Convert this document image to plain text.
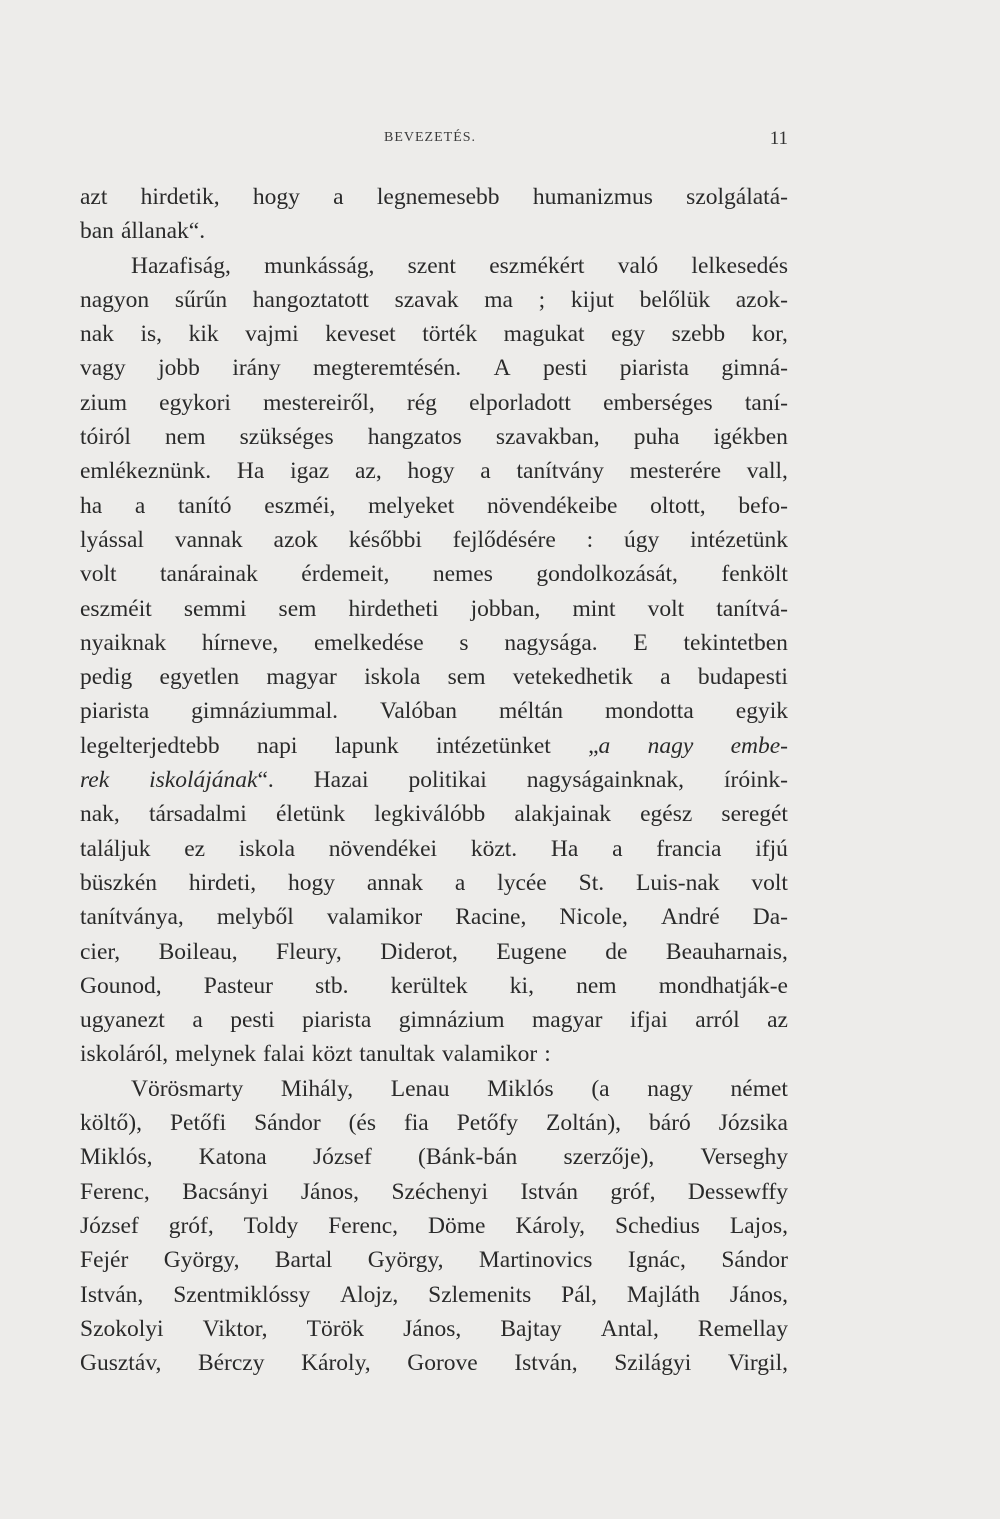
BEVEZETÉS.	11
azt hirdetik, hogy a legnemesebb humanizmus szolgálatá-
ban állanak“.
Hazafiság, munkásság, szent eszmékért való lelkesedés
nagyon sűrűn hangoztatott szavak ma ; kijut belőlük azok-
nak is, kik vajmi keveset törték magukat egy szebb kor,
vagy jobb irány megteremtésén. A pesti piarista gimná-
zium egykori mestereiről, rég elporladott emberséges taní-
tóiról nem szükséges hangzatos szavakban, puha igékben
emlékeznünk. Ha igaz az, hogy a tanítvány mesterére vall,
ha a tanító eszméi, melyeket növendékeibe oltott, befo-
lyással vannak azok későbbi fejlődésére : úgy intézetünk
volt tanárainak érdemeit, nemes gondolkozását, fenkölt
eszméit semmi sem hirdetheti jobban, mint volt tanítvá-
nyaiknak hírneve, emelkedése s nagysága. E tekintetben
pedig egyetlen magyar iskola sem vetekedhetik a budapesti
piarista gimnáziummal. Valóban méltán mondotta egyik
legelterjedtebb napi lapunk intézetünket „a nagy embe-
rek iskolájának“. Hazai politikai nagyságainknak, íróink-
nak, társadalmi életünk legkiválóbb alakjainak egész seregét
találjuk ez iskola növendékei közt. Ha a francia ifjú
büszkén hirdeti, hogy annak a lycée St. Luis-nak volt
tanítványa, melyből valamikor Racine, Nicole, André Da-
cier, Boileau, Fleury, Diderot, Eugene de Beauharnais,
Gounod, Pasteur stb. kerültek ki, nem mondhatják-e
ugyanezt a pesti piarista gimnázium magyar ifjai arról az
iskoláról, melynek falai közt tanultak valamikor :
Vörösmarty Mihály, Lenau Miklós (a nagy német
költő), Petőfi Sándor (és fia Petőfy Zoltán), báró Józsika
Miklós, Katona József (Bánk-bán szerzője), Verseghy
Ferenc, Bacsányi János, Széchenyi István gróf, Dessewffy
József gróf, Toldy Ferenc, Döme Károly, Schedius Lajos,
Fejér György, Bartal György, Martinovics Ignác, Sándor
István, Szentmiklóssy Alojz, Szlemenits Pál, Majláth János,
Szokolyi Viktor, Török János, Bajtay Antal, Remellay
Gusztáv, Bérczy Károly, Gorove István, Szilágyi Virgil,
